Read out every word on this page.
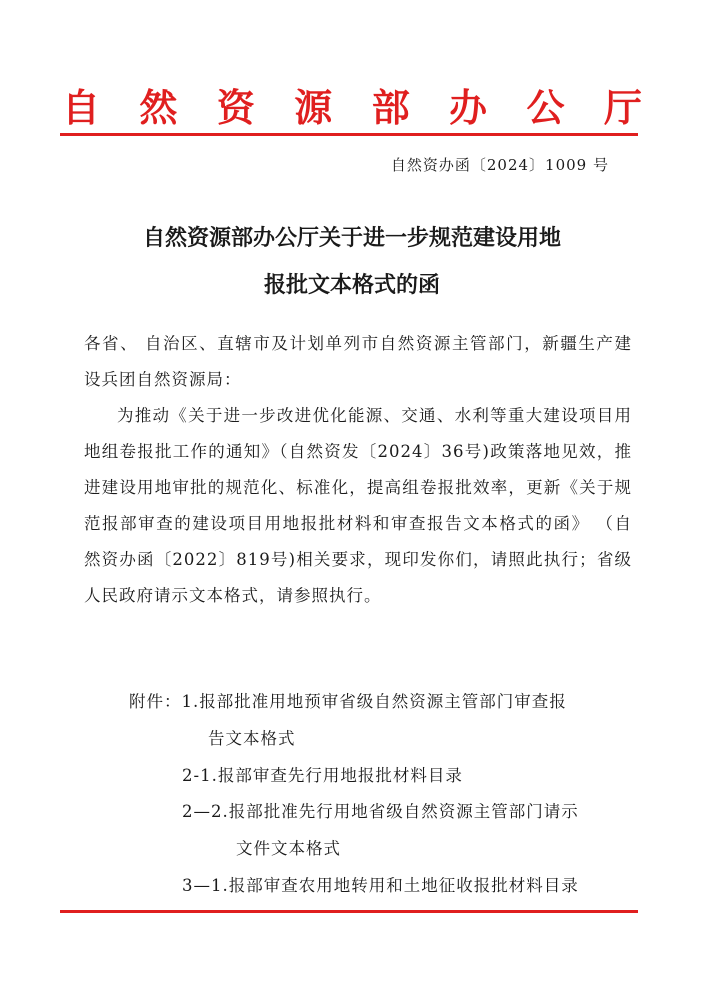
自 然 资 源 部 办 公 厅
自然资办函〔2024〕1009 号
自然资源部办公厅关于进一步规范建设用地
报批文本格式的函
各省、 自治区、直辖市及计划单列市自然资源主管部门，新疆生产建设兵团自然资源局：
为推动《关于进一步改进优化能源、交通、水利等重大建设项目用地组卷报批工作的通知》（自然资发〔2024〕36号)政策落地见效，推进建设用地审批的规范化、标准化，提高组卷报批效率，更新《关于规范报部审查的建设项目用地报批材料和审查报告文本格式的函》 （自然资办函〔2022〕819号)相关要求，现印发你们，请照此执行；省级人民政府请示文本格式，请参照执行。
附件：1.报部批准用地预审省级自然资源主管部门审查报
告文本格式
2-1.报部审查先行用地报批材料目录
2—2.报部批准先行用地省级自然资源主管部门请示
文件文本格式
3—1.报部审查农用地转用和土地征收报批材料目录
